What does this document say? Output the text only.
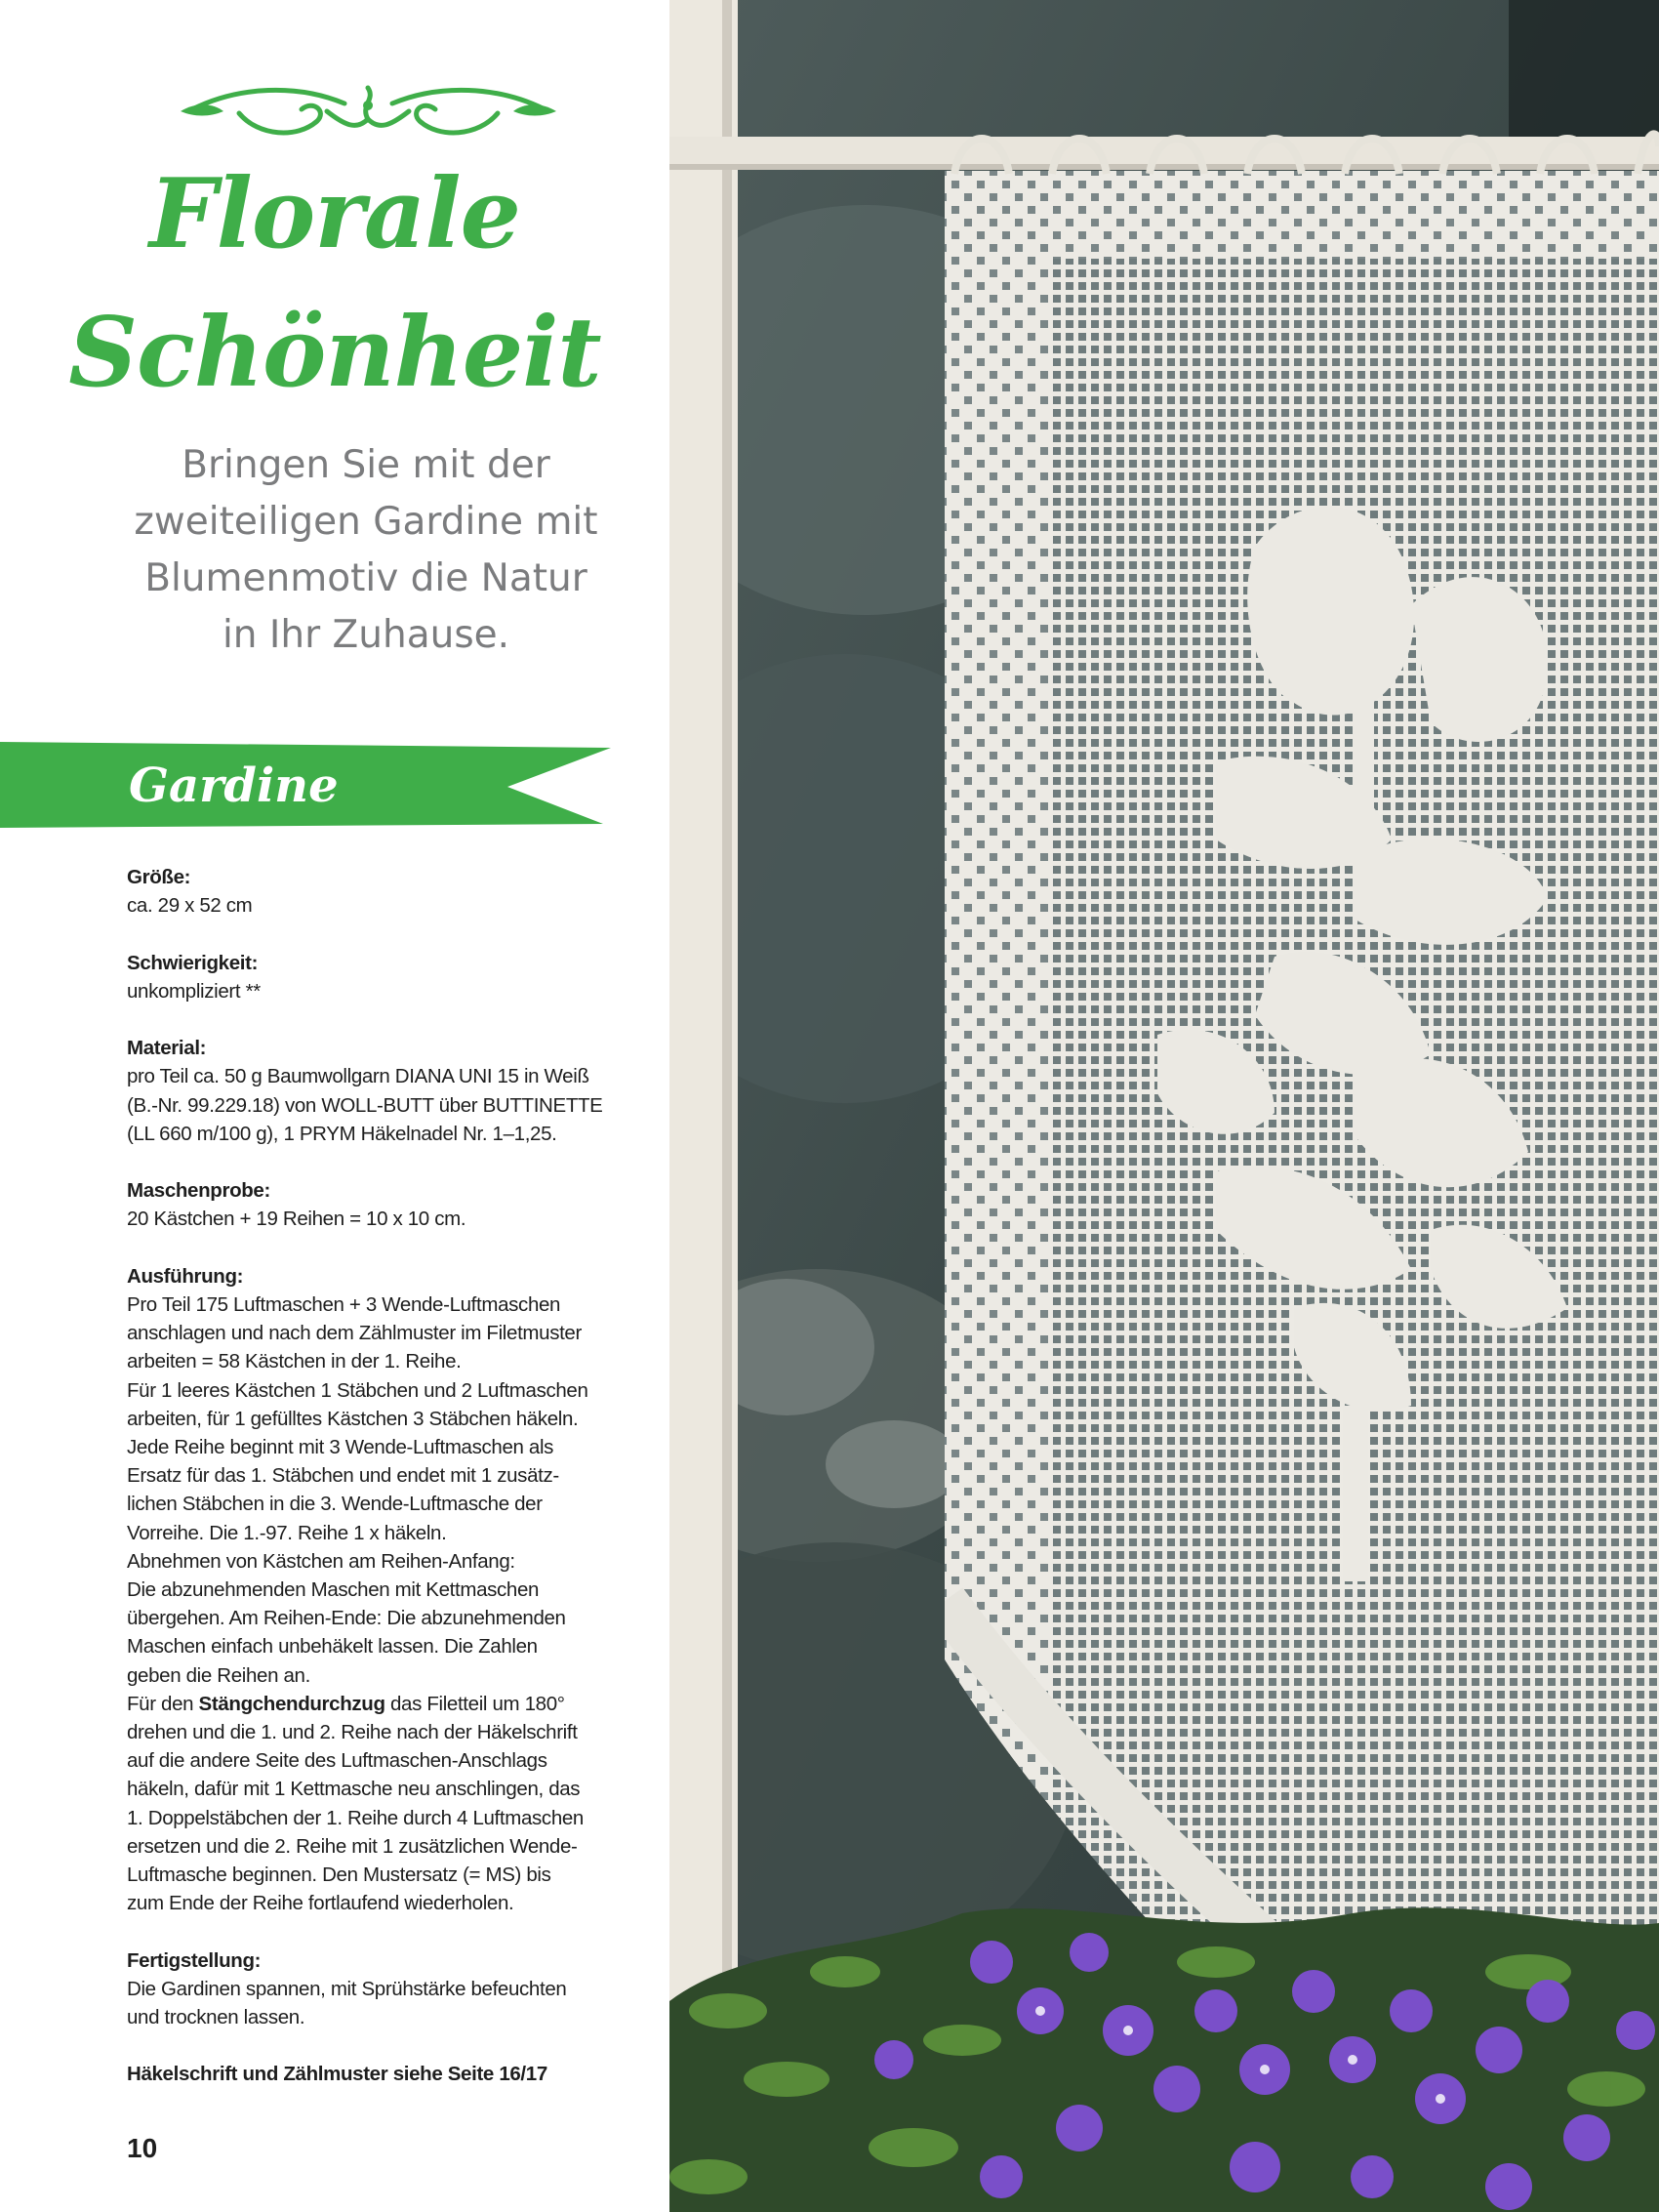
Florale
Schönheit
Bringen Sie mit der
zweiteiligen Gardine mit
Blumenmotiv die Natur
in Ihr Zuhause.
Gardine
Größe:
ca. 29 x 52 cm
Schwierigkeit:
unkompliziert **
Material:
pro Teil ca. 50 g Baumwollgarn DIANA UNI 15 in Weiß
(B.-Nr. 99.229.18) von WOLL-BUTT über BUTTINETTE
(LL 660 m/100 g), 1 PRYM Häkelnadel Nr. 1–1,25.
Maschenprobe:
20 Kästchen + 19 Reihen = 10 x 10 cm.
Ausführung:
Pro Teil 175 Luftmaschen + 3 Wende-Luftmaschen
anschlagen und nach dem Zählmuster im Filetmuster
arbeiten = 58 Kästchen in der 1. Reihe.
Für 1 leeres Kästchen 1 Stäbchen und 2 Luftmaschen
arbeiten, für 1 gefülltes Kästchen 3 Stäbchen häkeln.
Jede Reihe beginnt mit 3 Wende-Luftmaschen als
Ersatz für das 1. Stäbchen und endet mit 1 zusätz-
lichen Stäbchen in die 3. Wende-Luftmasche der
Vorreihe. Die 1.-97. Reihe 1 x häkeln.
Abnehmen von Kästchen am Reihen-Anfang:
Die abzunehmenden Maschen mit Kettmaschen
übergehen. Am Reihen-Ende: Die abzunehmenden
Maschen einfach unbehäkelt lassen. Die Zahlen
geben die Reihen an.
Für den Stängchendurchzug das Filetteil um 180°
drehen und die 1. und 2. Reihe nach der Häkelschrift
auf die andere Seite des Luftmaschen-Anschlags
häkeln, dafür mit 1 Kettmasche neu anschlingen, das
1. Doppelstäbchen der 1. Reihe durch 4 Luftmaschen
ersetzen und die 2. Reihe mit 1 zusätzlichen Wende-
Luftmasche beginnen. Den Mustersatz (= MS) bis
zum Ende der Reihe fortlaufend wiederholen.
Fertigstellung:
Die Gardinen spannen, mit Sprühstärke befeuchten
und trocknen lassen.
Häkelschrift und Zählmuster siehe Seite 16/17
10
